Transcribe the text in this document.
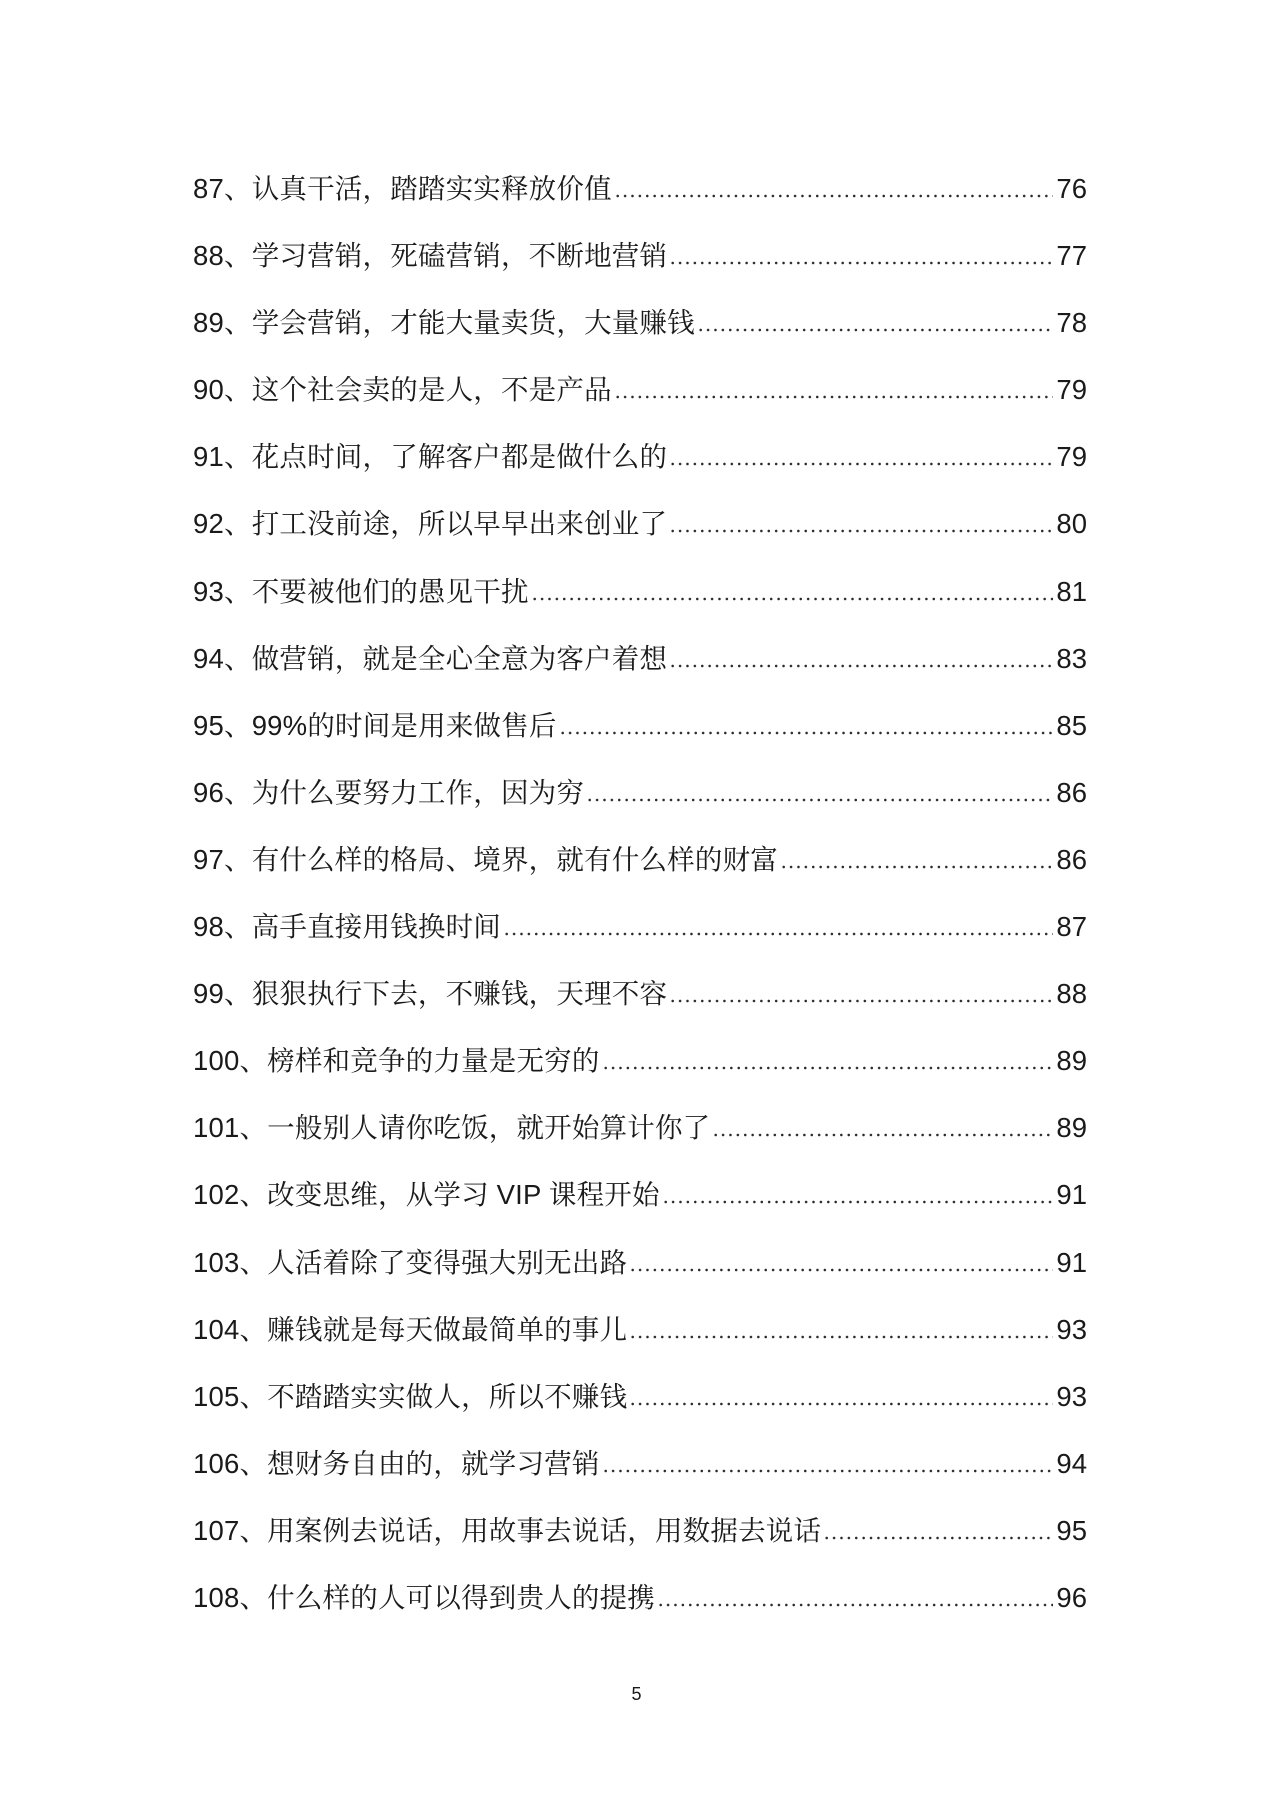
87、认真干活，踏踏实实释放价值	76
88、学习营销，死磕营销，不断地营销	77
89、学会营销，才能大量卖货，大量赚钱	78
90、这个社会卖的是人，不是产品	79
91、花点时间，了解客户都是做什么的	79
92、打工没前途，所以早早出来创业了	80
93、不要被他们的愚见干扰	81
94、做营销，就是全心全意为客户着想	83
95、99%的时间是用来做售后	85
96、为什么要努力工作，因为穷	86
97、有什么样的格局、境界，就有什么样的财富	86
98、高手直接用钱换时间	87
99、狠狠执行下去，不赚钱，天理不容	88
100、榜样和竞争的力量是无穷的	89
101、一般别人请你吃饭，就开始算计你了	89
102、改变思维，从学习 VIP 课程开始	91
103、人活着除了变得强大别无出路	91
104、赚钱就是每天做最简单的事儿	93
105、不踏踏实实做人，所以不赚钱	93
106、想财务自由的，就学习营销	94
107、用案例去说话，用故事去说话，用数据去说话	95
108、什么样的人可以得到贵人的提携	96
5
